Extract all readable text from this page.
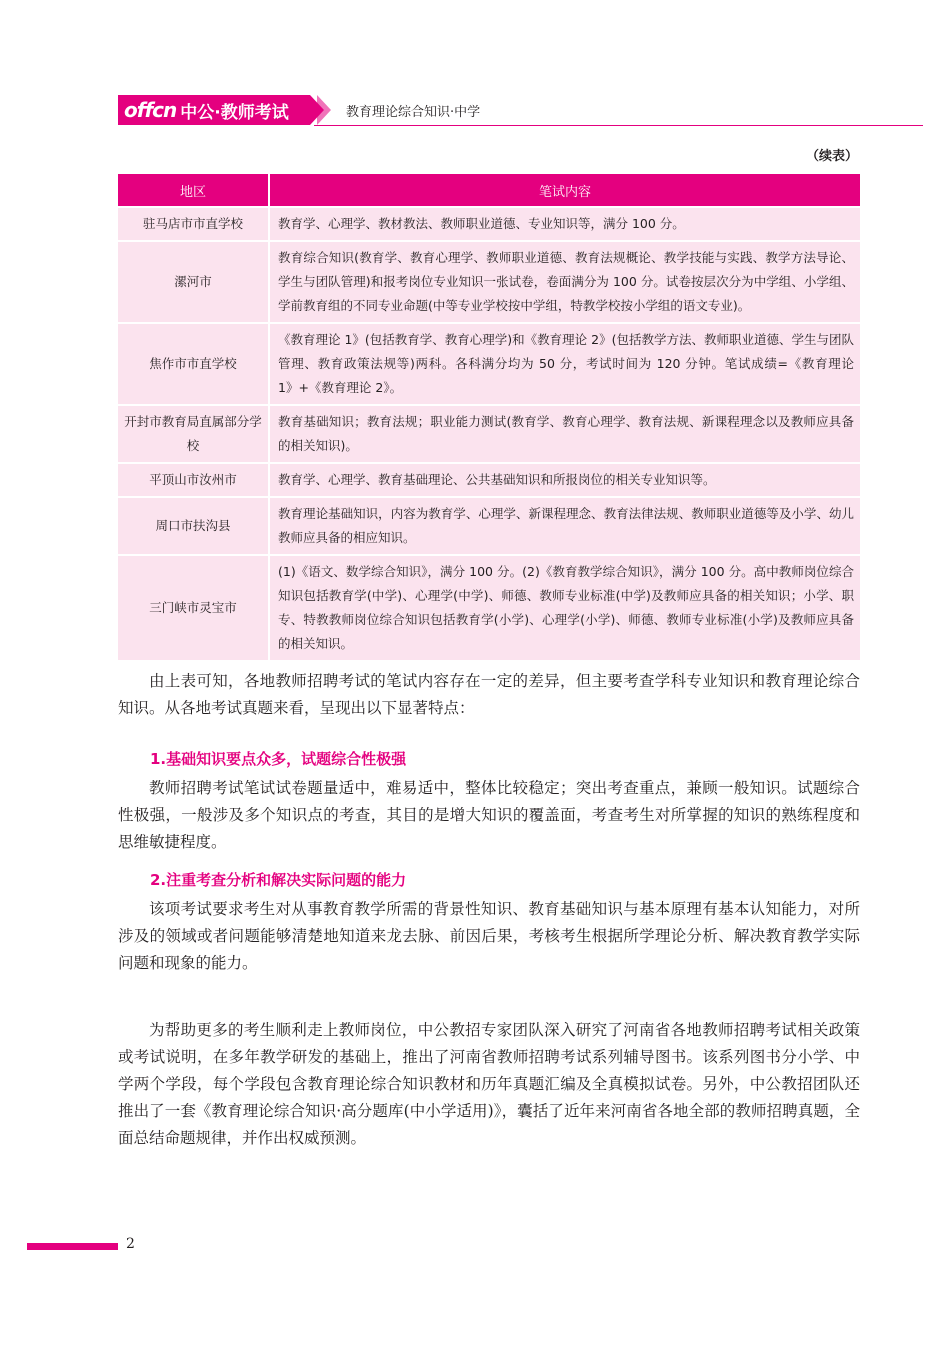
offcn 中公·教师考试	教育理论综合知识·中学
（续表）
地区	笔试内容
驻马店市市直学校	教育学、心理学、教材教法、教师职业道德、专业知识等，满分 100 分。
漯河市	教育综合知识(教育学、教育心理学、教师职业道德、教育法规概论、教学技能与实践、教学方法导论、学生与团队管理)和报考岗位专业知识一张试卷，卷面满分为 100 分。试卷按层次分为中学组、小学组、学前教育组的不同专业命题(中等专业学校按中学组，特教学校按小学组的语文专业)。
焦作市市直学校	《教育理论 1》(包括教育学、教育心理学)和《教育理论 2》(包括教学方法、教师职业道德、学生与团队管理、教育政策法规等)两科。各科满分均为 50 分，考试时间为 120 分钟。笔试成绩=《教育理论 1》+《教育理论 2》。
开封市教育局直属部分学校	教育基础知识；教育法规；职业能力测试(教育学、教育心理学、教育法规、新课程理念以及教师应具备的相关知识)。
平顶山市汝州市	教育学、心理学、教育基础理论、公共基础知识和所报岗位的相关专业知识等。
周口市扶沟县	教育理论基础知识，内容为教育学、心理学、新课程理念、教育法律法规、教师职业道德等及小学、幼儿教师应具备的相应知识。
三门峡市灵宝市	(1)《语文、数学综合知识》，满分 100 分。(2)《教育教学综合知识》，满分 100 分。高中教师岗位综合知识包括教育学(中学)、心理学(中学)、师德、教师专业标准(中学)及教师应具备的相关知识；小学、职专、特教教师岗位综合知识包括教育学(小学)、心理学(小学)、师德、教师专业标准(小学)及教师应具备的相关知识。

由上表可知，各地教师招聘考试的笔试内容存在一定的差异，但主要考查学科专业知识和教育理论综合知识。从各地考试真题来看，呈现出以下显著特点：

1.基础知识要点众多，试题综合性极强

教师招聘考试笔试试卷题量适中，难易适中，整体比较稳定；突出考查重点，兼顾一般知识。试题综合性极强，一般涉及多个知识点的考查，其目的是增大知识的覆盖面，考查考生对所掌握的知识的熟练程度和思维敏捷程度。

2.注重考查分析和解决实际问题的能力

该项考试要求考生对从事教育教学所需的背景性知识、教育基础知识与基本原理有基本认知能力，对所涉及的领域或者问题能够清楚地知道来龙去脉、前因后果，考核考生根据所学理论分析、解决教育教学实际问题和现象的能力。

为帮助更多的考生顺利走上教师岗位，中公教招专家团队深入研究了河南省各地教师招聘考试相关政策或考试说明，在多年教学研发的基础上，推出了河南省教师招聘考试系列辅导图书。该系列图书分小学、中学两个学段，每个学段包含教育理论综合知识教材和历年真题汇编及全真模拟试卷。另外，中公教招团队还推出了一套《教育理论综合知识·高分题库(中小学适用)》，囊括了近年来河南省各地全部的教师招聘真题，全面总结命题规律，并作出权威预测。

2
